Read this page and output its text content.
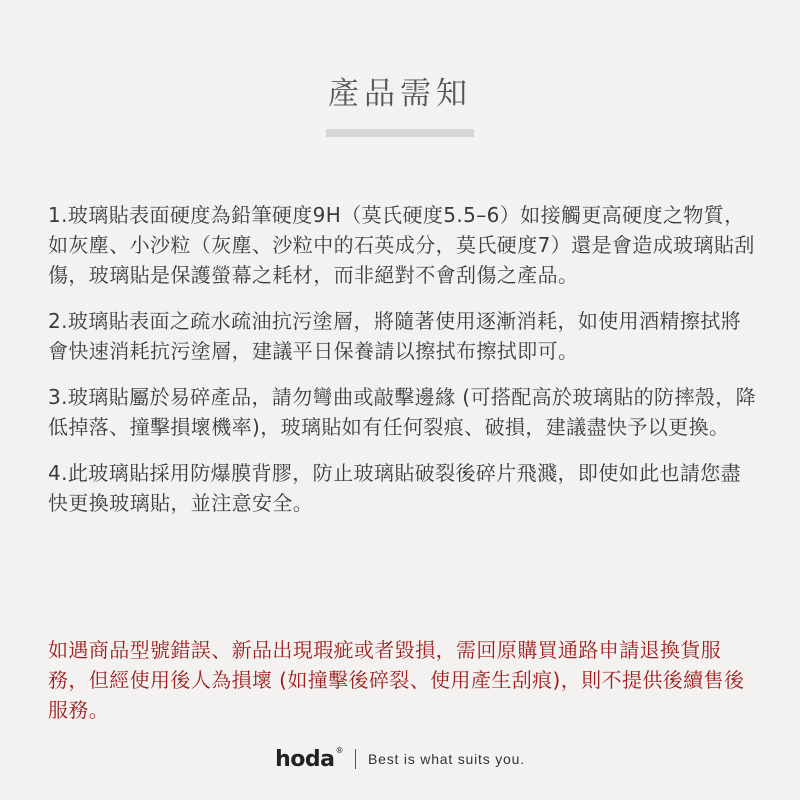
產品需知

1.玻璃貼表面硬度為鉛筆硬度9H（莫氏硬度5.5–6）如接觸更高硬度之物質，如灰塵、小沙粒（灰塵、沙粒中的石英成分，莫氏硬度7）還是會造成玻璃貼刮傷，玻璃貼是保護螢幕之耗材，而非絕對不會刮傷之產品。

2.玻璃貼表面之疏水疏油抗污塗層，將隨著使用逐漸消耗，如使用酒精擦拭將會快速消耗抗污塗層，建議平日保養請以擦拭布擦拭即可。

3.玻璃貼屬於易碎產品，請勿彎曲或敲擊邊緣 (可搭配高於玻璃貼的防摔殼，降低掉落、撞擊損壞機率)，玻璃貼如有任何裂痕、破損，建議盡快予以更換。

4.此玻璃貼採用防爆膜背膠，防止玻璃貼破裂後碎片飛濺，即使如此也請您盡快更換玻璃貼，並注意安全。

如遇商品型號錯誤、新品出現瑕疵或者毀損，需回原購買通路申請退換貨服務，但經使用後人為損壞 (如撞擊後碎裂、使用產生刮痕)，則不提供後續售後服務。

hoda®
Best is what suits you.
